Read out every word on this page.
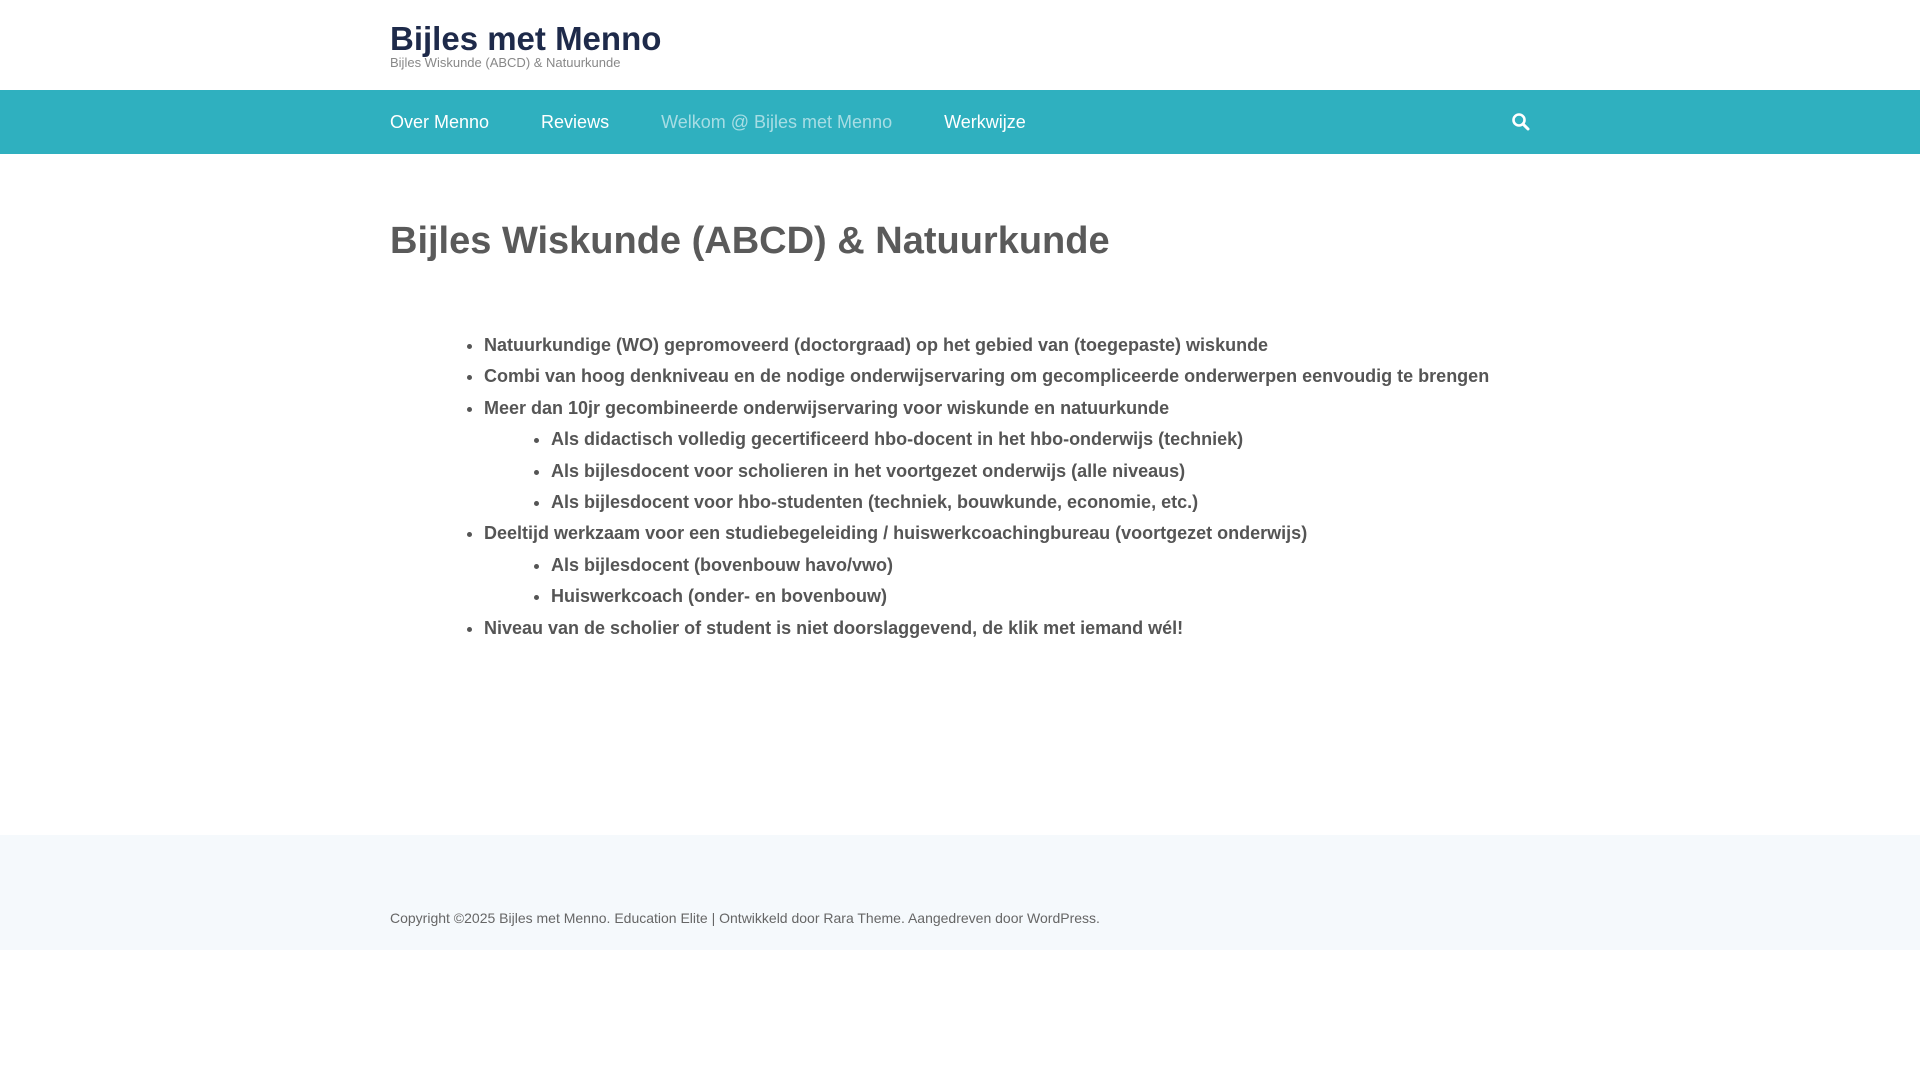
Bijles met Menno
Bijles Wiskunde (ABCD) & Natuurkunde
Over Menno	Reviews	Welkom @ Bijles met Menno	Werkwijze
Bijles Wiskunde (ABCD) & Natuurkunde
• Natuurkundige (WO) gepromoveerd (doctorgraad) op het gebied van (toegepaste) wiskunde
• Combi van hoog denkniveau en de nodige onderwijservaring om gecompliceerde onderwerpen eenvoudig te brengen
• Meer dan 10jr gecombineerde onderwijservaring voor wiskunde en natuurkunde
• Als didactisch volledig gecertificeerd hbo-docent in het hbo-onderwijs (techniek)
• Als bijlesdocent voor scholieren in het voortgezet onderwijs (alle niveaus)
• Als bijlesdocent voor hbo-studenten (techniek, bouwkunde, economie, etc.)
• Deeltijd werkzaam voor een studiebegeleiding / huiswerkcoachingbureau (voortgezet onderwijs)
• Als bijlesdocent (bovenbouw havo/vwo)
• Huiswerkcoach (onder- en bovenbouw)
• Niveau van de scholier of student is niet doorslaggevend, de klik met iemand wél!
Copyright ©2025 Bijles met Menno. Education Elite | Ontwikkeld door Rara Theme. Aangedreven door WordPress.
